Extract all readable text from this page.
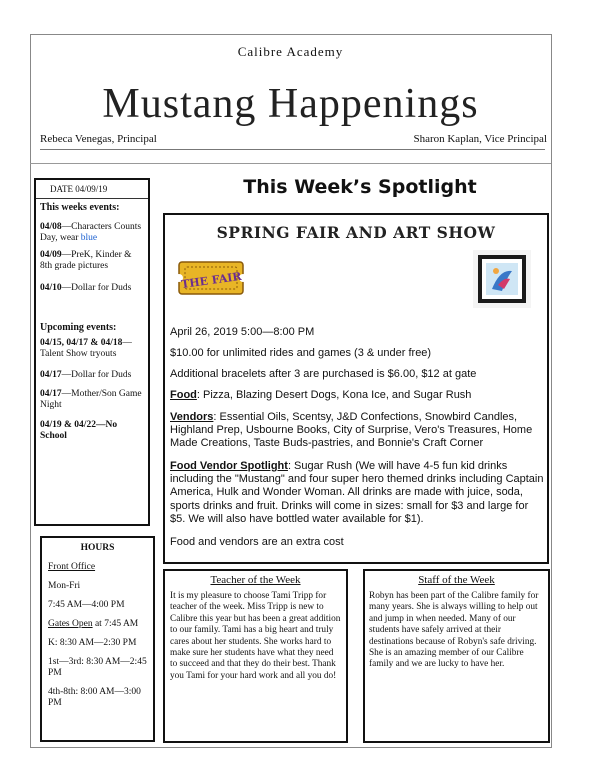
Calibre Academy
Mustang Happenings
Rebeca Venegas, Principal	Sharon Kaplan, Vice Principal
DATE 04/09/19
This weeks events:
04/08—Characters Counts Day, wear blue
04/09—PreK, Kinder & 8th grade pictures
04/10—Dollar for Duds
Upcoming events:
04/15, 04/17 & 04/18—Talent Show tryouts
04/17—Dollar for Duds
04/17—Mother/Son Game Night
04/19 & 04/22—No School
HOURS
Front Office
Mon-Fri
7:45 AM—4:00 PM
Gates Open at 7:45 AM
K: 8:30 AM—2:30 PM
1st—3rd: 8:30 AM—2:45 PM
4th-8th: 8:00 AM—3:00 PM
This Week’s Spotlight
SPRING FAIR AND ART SHOW
THE FAIR
April 26, 2019 5:00—8:00 PM
$10.00 for unlimited rides and games (3 & under free)
Additional bracelets after 3 are purchased is $6.00, $12 at gate
Food: Pizza, Blazing Desert Dogs, Kona Ice, and Sugar Rush
Vendors: Essential Oils, Scentsy, J&D Confections, Snowbird Candles, Highland Prep, Usbourne Books, City of Surprise, Vero's Treasures, Home Made Creations, Taste Buds-pastries, and Bonnie's Craft Corner
Food Vendor Spotlight: Sugar Rush (We will have 4-5 fun kid drinks including the "Mustang" and four super hero themed drinks including Captain America, Hulk and Wonder Woman. All drinks are made with juice, soda, sports drinks and fruit. Drinks will come in sizes: small for $3 and large for $5. We will also have bottled water available for $1).
Food and vendors are an extra cost
Teacher of the Week
It is my pleasure to choose Tami Tripp for teacher of the week. Miss Tripp is new to Calibre this year but has been a great addition to our family. Tami has a big heart and truly cares about her students. She works hard to make sure her students have what they need to succeed and that they do their best. Thank you Tami for your hard work and all you do!
Staff of the Week
Robyn has been part of the Calibre family for many years. She is always willing to help out and jump in when needed. Many of our students have safely arrived at their destinations because of Robyn's safe driving. She is an amazing member of our Calibre family and we are lucky to have her.
